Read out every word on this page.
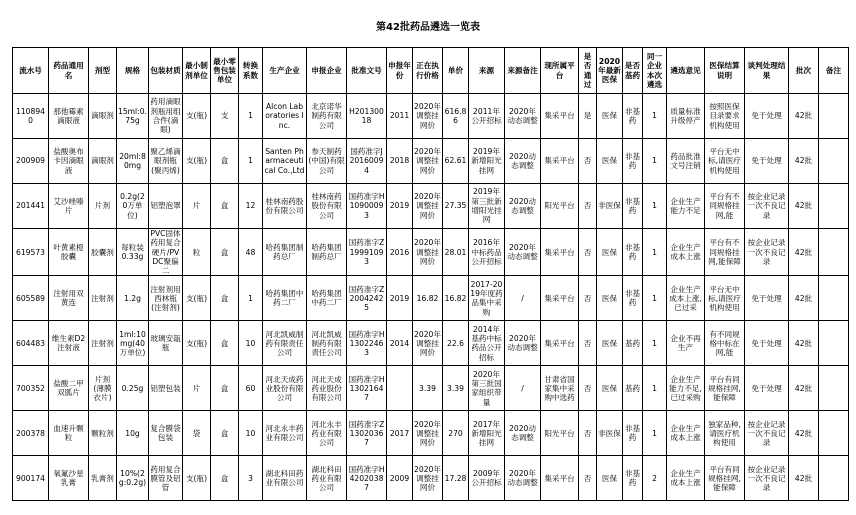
第42批药品遴选一览表
流水号	药品通用名	剂型	规格	包装材质	最小制剂单位	最小零售包装单位	转换系数	生产企业	申报企业	批准文号	申报年份	正在执行价格	单价	来源	来源备注	现所属平台	是否通过	2020年最新医保	是否基药	同一企业本次遴选	遴选意见	医保结算说明	谈判处理结果	批次	备注
1108940	那他霉素滴眼液	滴眼剂	15ml:0.75g	药用滴眼剂瓶用组合件(滴眼)	支(瓶)	支	1	Alcon Laboratories Inc.	北京诺华制药有限公司	H20130018	2011	2020年调整挂网价	616.86	2011年公开招标	2020年动态调整	集采平台	是	医保	非基药	1	质量标准升级停产	按照医保目录要求机构使用	免于处理	42批	
200909	盐酸奥布卡因滴眼液	滴眼剂	20ml:80mg	聚乙烯滴眼剂瓶(聚丙烯)	支(瓶)	盒	1	Santen Pharmaceutical Co.,Ltd	参天制药(中国)有限公司	国药准字J20160094	2018	2020年调整挂网价	62.61	2019年新增阳光挂网	2020动态调整	集采平台	否	医保	非基药	1	药品批准文号注销	平台无中标,请医疗机构使用	免于处理	42批	
201441	艾沙唑嗪片	片剂	0.2g(20万单位)	铝塑泡罩	片	盒	12	桂林南药股份有限公司	桂林南药股份有限公司	国药准字H10900093	2019	2020年调整挂网价	27.35	2019年第三批新增阳光挂网	2020动态调整	阳光平台	否	非医保	非基药	1	企业生产能力不足	平台有不同规格挂网,能	按企业记录一次不良记录	42批	
619573	叶黄素橙胶囊	胶囊剂	每粒装0.33g	PVC固体药用复合硬片/PVDC聚偏二	粒	盒	48	哈药集团制药总厂	哈药集团制药总厂	国药准字Z19991093	2016	2020年调整挂网价	28.01	2016年中标药品公开招标	2020年动态调整	集采平台	否	医保	非基药	1	企业生产成本上涨	平台有不同规格挂网,能保障	按企业记录一次不良记录	42批	
605589	注射用双黄连	注射剂	1.2g	注射剂用西林瓶(注射剂)	支(瓶)	盒	1	哈药集团中药二厂	哈药集团中药二厂	国药准字Z20042425	2019	16.82	16.82	2017-2019年度药品集中采购	/	集采平台	否	医保	非基药	1	企业生产成本上涨,已过采	平台无中标,请医疗机构使用	免于处理	42批	
604483	维生素D2注射液	注射剂	1ml:10mg(40万单位)	玻璃安瓿瓶	支(瓶)	盒	10	河北凯威制药有限责任公司	河北凯威制药有限责任公司	国药准字H13022463	2014	2020年调整挂网价	22.6	2014年基药中标药品公开招标	2020年动态调整	集采平台	否	医保	基药	1	企业不再生产	有不同规格中标在网,能	免于处理	42批	
700352	盐酸二甲双胍片	片剂(薄膜衣片)	0.25g	铝塑包装	片	盒	60	河北天成药业股份有限公司	河北天成药业股份有限公司	国药准字H13021647		3.39	3.39	2020年第三批国家组织带量	/	甘肃省国家集中采购中选药	否	医保	基药	1	企业生产能力不足,已过采购	平台有同规格挂网,能保障	免于处理	42批	
200378	血速升颗粒	颗粒剂	10g	复合膜袋包装	袋	盒	10	河北永丰药业有限公司	河北永丰药业有限公司	国药准字Z13020367	2017	2020年调整挂网价	270	2017年新增阳光挂网	2020动态调整	阳光平台	否	非医保	非基药	1	企业生产成本上涨	独家品种,请医疗机构使用	按企业记录一次不良记录	42批	
900174	氧氟沙星乳膏	乳膏剂	10%(2g:0.2g)	药用复合膜管及铝管	支(瓶)	盒	3	湖北科田药业有限公司	湖北科田药业有限公司	国药准字H42020387	2009	2020年调整挂网价	17.28	2009年公开招标	2020年动态调整	集采平台	否	医保	非基药	2	企业生产成本上涨	平台有同规格挂网,能保障	按企业记录一次不良记录	42批	
